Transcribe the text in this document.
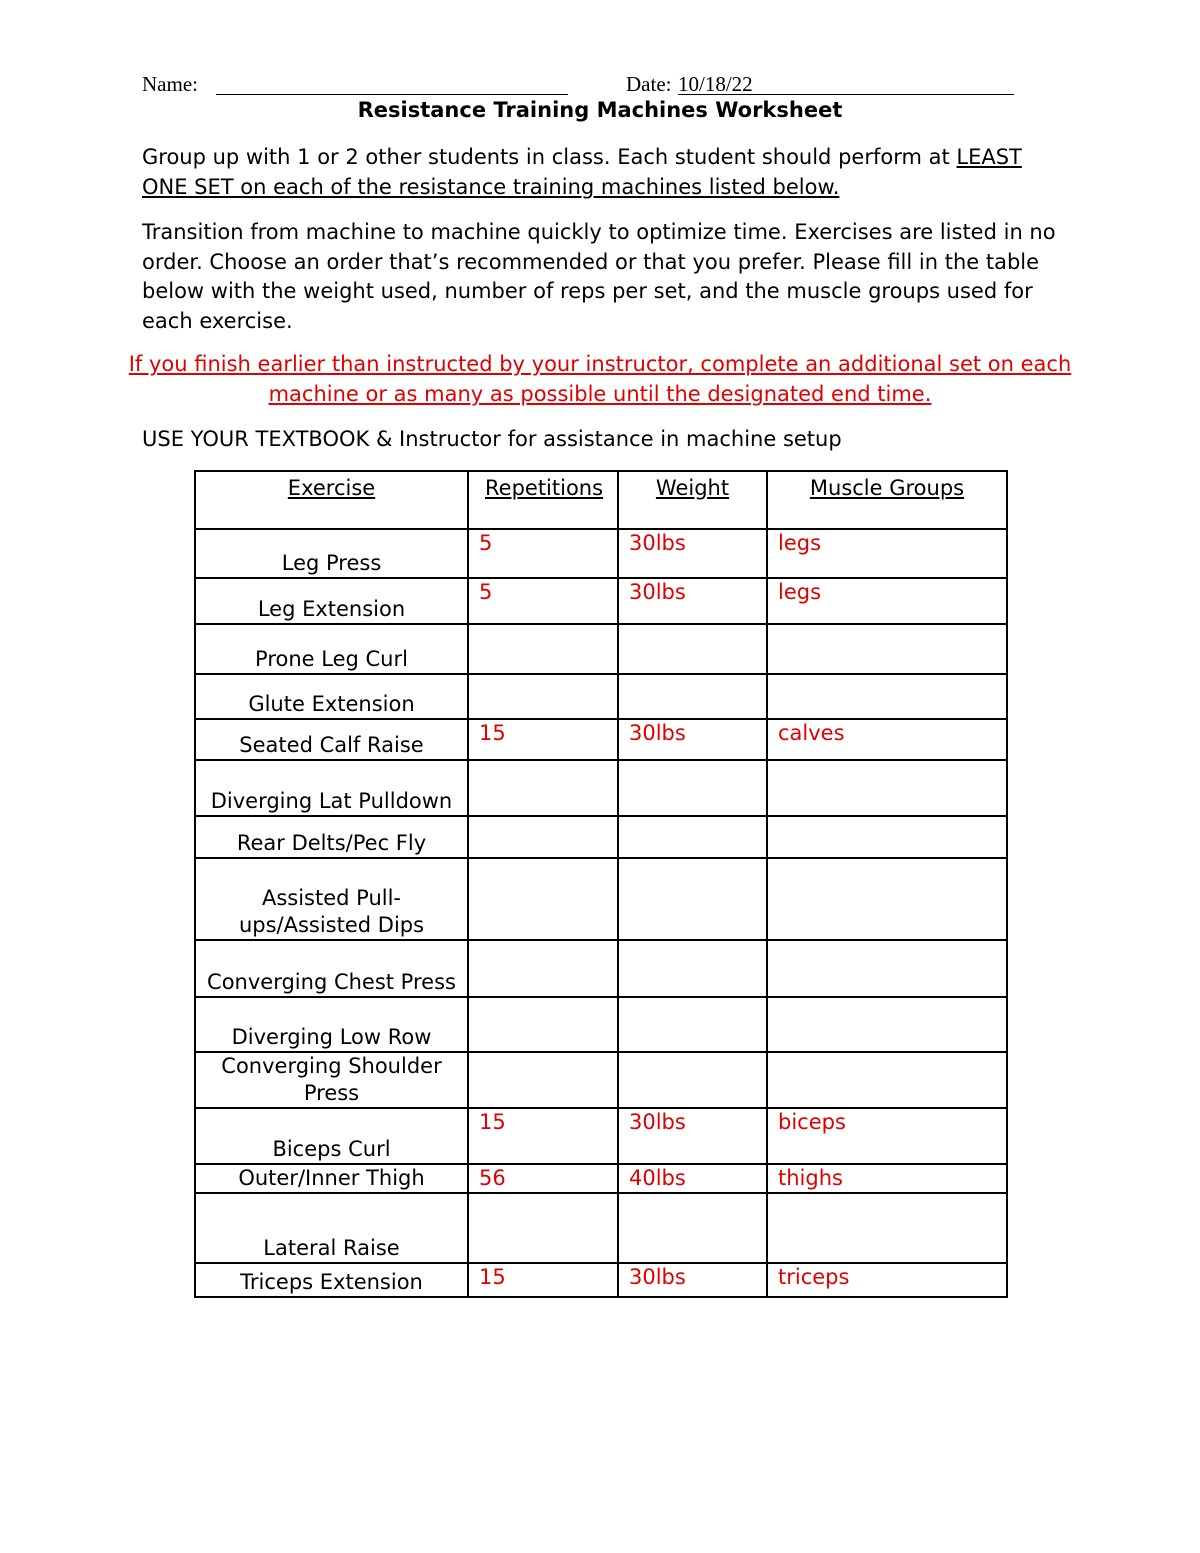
Name:	Date: 10/18/22
Resistance Training Machines Worksheet

Group up with 1 or 2 other students in class. Each student should perform at LEAST ONE SET on each of the resistance training machines listed below.

Transition from machine to machine quickly to optimize time. Exercises are listed in no order. Choose an order that’s recommended or that you prefer. Please fill in the table below with the weight used, number of reps per set, and the muscle groups used for each exercise.

If you finish earlier than instructed by your instructor, complete an additional set on each machine or as many as possible until the designated end time.

USE YOUR TEXTBOOK & Instructor for assistance in machine setup

Exercise	Repetitions	Weight	Muscle Groups
Leg Press	5	30lbs	legs
Leg Extension	5	30lbs	legs
Prone Leg Curl			
Glute Extension			
Seated Calf Raise	15	30lbs	calves
Diverging Lat Pulldown			
Rear Delts/Pec Fly			
Assisted Pull-ups/Assisted Dips			
Converging Chest Press			
Diverging Low Row			
Converging Shoulder Press			
Biceps Curl	15	30lbs	biceps
Outer/Inner Thigh	56	40lbs	thighs
Lateral Raise			
Triceps Extension	15	30lbs	triceps
